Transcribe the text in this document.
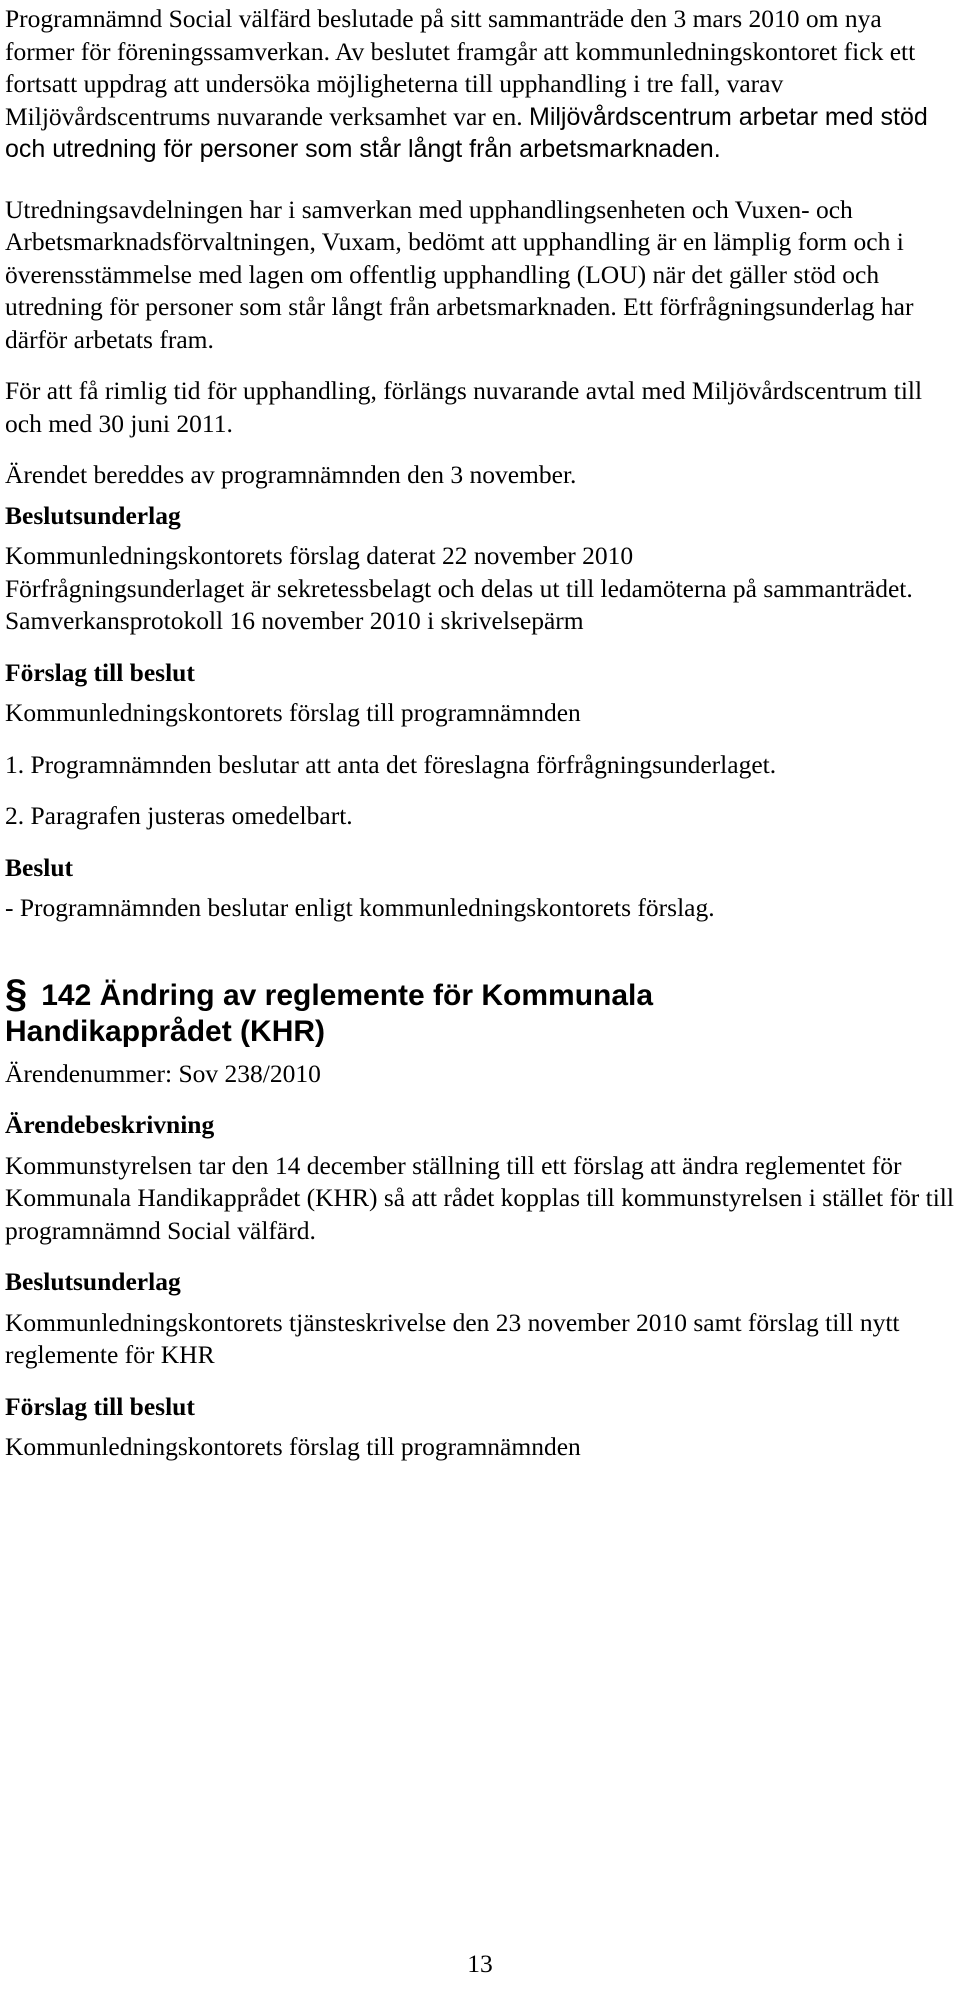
Programnämnd Social välfärd beslutade på sitt sammanträde den 3 mars 2010 om nya former för föreningssamverkan. Av beslutet framgår att kommunledningskontoret fick ett fortsatt uppdrag att undersöka möjligheterna till upphandling i tre fall, varav Miljövårdscentrums nuvarande verksamhet var en. Miljövårdscentrum arbetar med stöd och utredning för personer som står långt från arbetsmarknaden.

Utredningsavdelningen har i samverkan med upphandlingsenheten och Vuxen- och Arbetsmarknadsförvaltningen, Vuxam, bedömt att upphandling är en lämplig form och i överensstämmelse med lagen om offentlig upphandling (LOU) när det gäller stöd och utredning för personer som står långt från arbetsmarknaden. Ett förfrågningsunderlag har därför arbetats fram.

För att få rimlig tid för upphandling, förlängs nuvarande avtal med Miljövårdscentrum till och med 30 juni 2011.

Ärendet bereddes av programnämnden den 3 november.

Beslutsunderlag

Kommunledningskontorets förslag daterat 22 november 2010

Förfrågningsunderlaget är sekretessbelagt och delas ut till ledamöterna på sammanträdet.

Samverkansprotokoll 16 november 2010 i skrivelsepärm

Förslag till beslut

Kommunledningskontorets förslag till programnämnden

1. Programnämnden beslutar att anta det föreslagna förfrågningsunderlaget.

2. Paragrafen justeras omedelbart.

Beslut

- Programnämnden beslutar enligt kommunledningskontorets förslag.

§ 142 Ändring av reglemente för Kommunala
Handikapprådet (KHR)

Ärendenummer: Sov 238/2010

Ärendebeskrivning

Kommunstyrelsen tar den 14 december ställning till ett förslag att ändra reglementet för Kommunala Handikapprådet (KHR) så att rådet kopplas till kommunstyrelsen i stället för till programnämnd Social välfärd.

Beslutsunderlag

Kommunledningskontorets tjänsteskrivelse den 23 november 2010 samt förslag till nytt reglemente för KHR

Förslag till beslut

Kommunledningskontorets förslag till programnämnden

13
